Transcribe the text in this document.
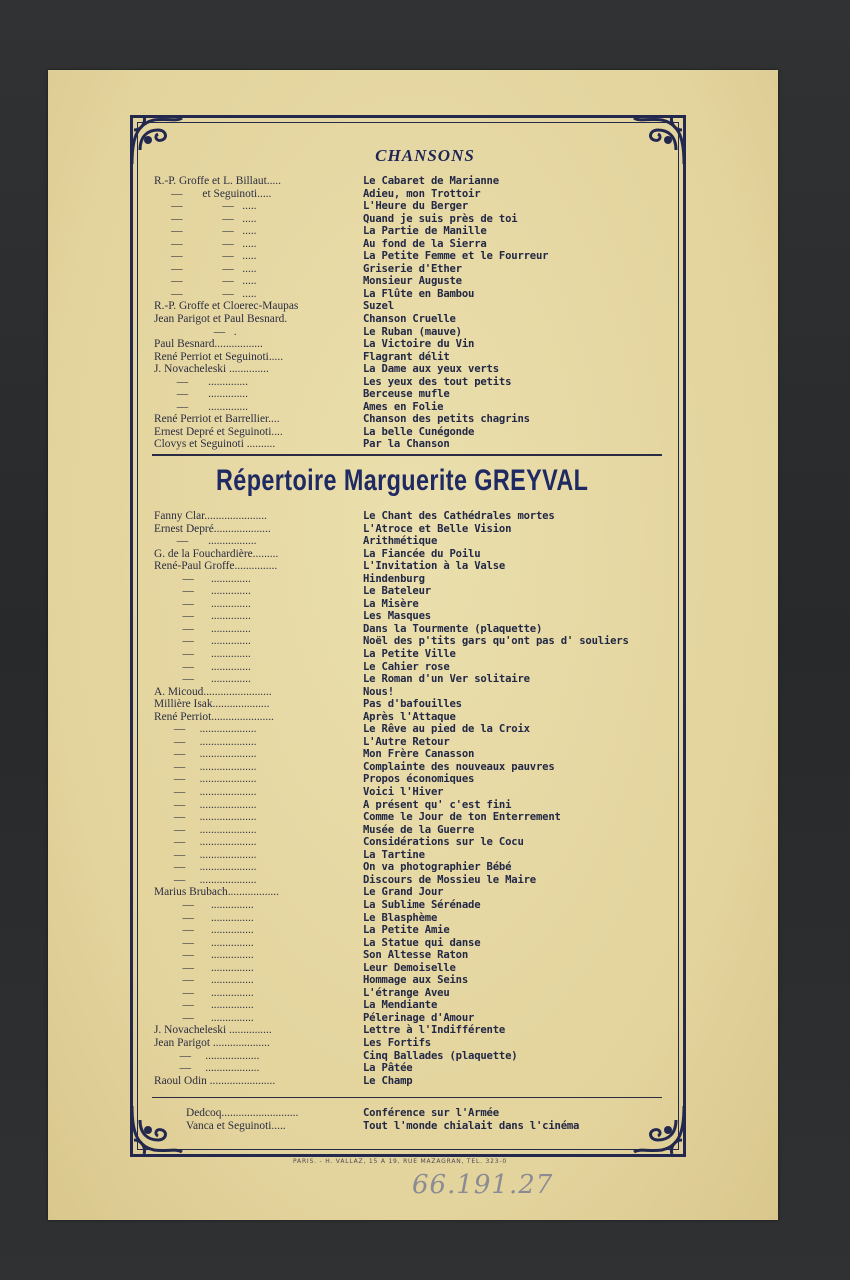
CHANSONS
R.-P. Groffe et L. Billaut.....	Le Cabaret de Marianne
—       et Seguinoti.....	Adieu, mon Trottoir
—              —   .....	L'Heure du Berger
—              —   .....	Quand je suis près de toi
—              —   .....	La Partie de Manille
—              —   .....	Au fond de la Sierra
—              —   .....	La Petite Femme et le Fourreur
—              —   .....	Griserie d'Ether
—              —   .....	Monsieur Auguste
—              —   .....	La Flûte en Bambou
R.-P. Groffe et Cloerec-Maupas	Suzel
Jean Parigot et Paul Besnard.	Chanson Cruelle
—   .	Le Ruban (mauve)
Paul Besnard.................	La Victoire du Vin
René Perriot et Seguinoti.....	Flagrant délit
J. Novacheleski ..............	La Dame aux yeux verts
—       ..............	Les yeux des tout petits
—       ..............	Berceuse mufle
—       ..............	Ames en Folie
René Perriot et Barrellier....	Chanson des petits chagrins
Ernest Depré et Seguinoti....	La belle Cunégonde
Clovys et Seguinoti ..........	Par la Chanson
Répertoire Marguerite GREYVAL
Fanny Clar......................	Le Chant des Cathédrales mortes
Ernest Depré....................	L'Atroce et Belle Vision
—       .................	Arithmétique
G. de la Fouchardière.........	La Fiancée du Poilu
René-Paul Groffe...............	L'Invitation à la Valse
—      ..............	Hindenburg
—      ..............	Le Bateleur
—      ..............	La Misère
—      ..............	Les Masques
—      ..............	Dans la Tourmente (plaquette)
—      ..............	Noël des p'tits gars qu'ont pas d' souliers
—      ..............	La Petite Ville
—      ..............	Le Cahier rose
—      ..............	Le Roman d'un Ver solitaire
A. Micoud........................	Nous!
Millière Isak....................	Pas d'bafouilles
René Perriot......................	Après l'Attaque
—     ....................	Le Rêve au pied de la Croix
—     ....................	L'Autre Retour
—     ....................	Mon Frère Canasson
—     ....................	Complainte des nouveaux pauvres
—     ....................	Propos économiques
—     ....................	Voici l'Hiver
—     ....................	A présent qu' c'est fini
—     ....................	Comme le Jour de ton Enterrement
—     ....................	Musée de la Guerre
—     ....................	Considérations sur le Cocu
—     ....................	La Tartine
—     ....................	On va photographier Bébé
—     ....................	Discours de Mossieu le Maire
Marius Brubach..................	Le Grand Jour
—      ...............	La Sublime Sérénade
—      ...............	Le Blasphème
—      ...............	La Petite Amie
—      ...............	La Statue qui danse
—      ...............	Son Altesse Raton
—      ...............	Leur Demoiselle
—      ...............	Hommage aux Seins
—      ...............	L'étrange Aveu
—      ...............	La Mendiante
—      ...............	Pélerinage d'Amour
J. Novacheleski ...............	Lettre à l'Indifférente
Jean Parigot ....................	Les Fortifs
—     ...................	Cinq Ballades (plaquette)
—     ...................	La Pâtée
Raoul Odin .......................	Le Champ
Dedcoq...........................	Conférence sur l'Armée
Vanca et Seguinoti.....	Tout l'monde chialait dans l'cinéma
PARIS. - H. VALLAZ, 15 A 19, RUE MAZAGRAN, TEL. 323-0
66.191.27
